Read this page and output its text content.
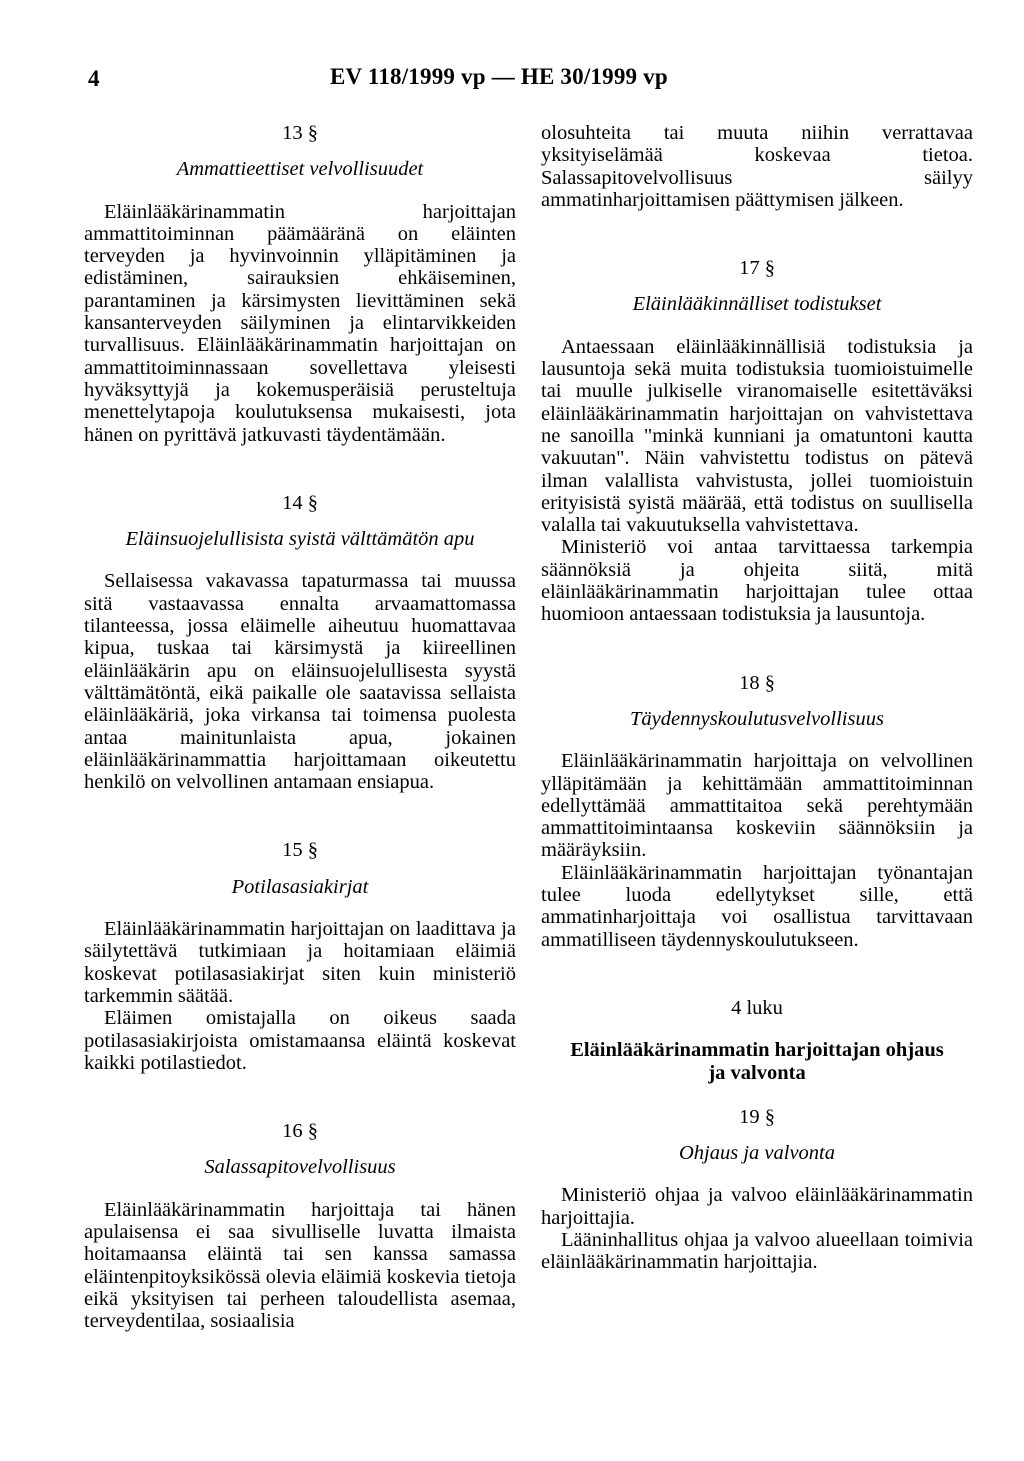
4	EV 118/1999 vp — HE 30/1999 vp
13 §
Ammattieettiset velvollisuudet

Eläinlääkärinammatin harjoittajan ammattitoiminnan päämääränä on eläinten terveyden ja hyvinvoinnin ylläpitäminen ja edistäminen, sairauksien ehkäiseminen, parantaminen ja kärsimysten lievittäminen sekä kansanterveyden säilyminen ja elintarvikkeiden turvallisuus. Eläinlääkärinammatin harjoittajan on ammattitoiminnassaan sovellettava yleisesti hyväksyttyjä ja kokemusperäisiä perusteltuja menettelytapoja koulutuksensa mukaisesti, jota hänen on pyrittävä jatkuvasti täydentämään.

14 §
Eläinsuojelullisista syistä välttämätön apu

Sellaisessa vakavassa tapaturmassa tai muussa sitä vastaavassa ennalta arvaamattomassa tilanteessa, jossa eläimelle aiheutuu huomattavaa kipua, tuskaa tai kärsimystä ja kiireellinen eläinlääkärin apu on eläinsuojelullisesta syystä välttämätöntä, eikä paikalle ole saatavissa sellaista eläinlääkäriä, joka virkansa tai toimensa puolesta antaa mainitunlaista apua, jokainen eläinlääkärinammattia harjoittamaan oikeutettu henkilö on velvollinen antamaan ensiapua.

15 §
Potilasasiakirjat

Eläinlääkärinammatin harjoittajan on laadittava ja säilytettävä tutkimiaan ja hoitamiaan eläimiä koskevat potilasasiakirjat siten kuin ministeriö tarkemmin säätää.

Eläimen omistajalla on oikeus saada potilasasiakirjoista omistamaansa eläintä koskevat kaikki potilastiedot.

16 §
Salassapitovelvollisuus

Eläinlääkärinammatin harjoittaja tai hänen apulaisensa ei saa sivulliselle luvatta ilmaista hoitamaansa eläintä tai sen kanssa samassa eläintenpitoyksikössä olevia eläimiä koskevia tietoja eikä yksityisen tai perheen taloudellista asemaa, terveydentilaa, sosiaalisia

olosuhteita tai muuta niihin verrattavaa yksityiselämää koskevaa tietoa. Salassapitovelvollisuus säilyy ammatinharjoittamisen päättymisen jälkeen.

17 §
Eläinlääkinnälliset todistukset

Antaessaan eläinlääkinnällisiä todistuksia ja lausuntoja sekä muita todistuksia tuomioistuimelle tai muulle julkiselle viranomaiselle esitettäväksi eläinlääkärinammatin harjoittajan on vahvistettava ne sanoilla "minkä kunniani ja omatuntoni kautta vakuutan". Näin vahvistettu todistus on pätevä ilman valallista vahvistusta, jollei tuomioistuin erityisistä syistä määrää, että todistus on suullisella valalla tai vakuutuksella vahvistettava.

Ministeriö voi antaa tarvittaessa tarkempia säännöksiä ja ohjeita siitä, mitä eläinlääkärinammatin harjoittajan tulee ottaa huomioon antaessaan todistuksia ja lausuntoja.

18 §
Täydennyskoulutusvelvollisuus

Eläinlääkärinammatin harjoittaja on velvollinen ylläpitämään ja kehittämään ammattitoiminnan edellyttämää ammattitaitoa sekä perehtymään ammattitoimintaansa koskeviin säännöksiin ja määräyksiin.

Eläinlääkärinammatin harjoittajan työnantajan tulee luoda edellytykset sille, että ammatinharjoittaja voi osallistua tarvittavaan ammatilliseen täydennyskoulutukseen.

4 luku
Eläinlääkärinammatin harjoittajan ohjaus ja valvonta
19 §
Ohjaus ja valvonta

Ministeriö ohjaa ja valvoo eläinlääkärinammatin harjoittajia.

Lääninhallitus ohjaa ja valvoo alueellaan toimivia eläinlääkärinammatin harjoittajia.
